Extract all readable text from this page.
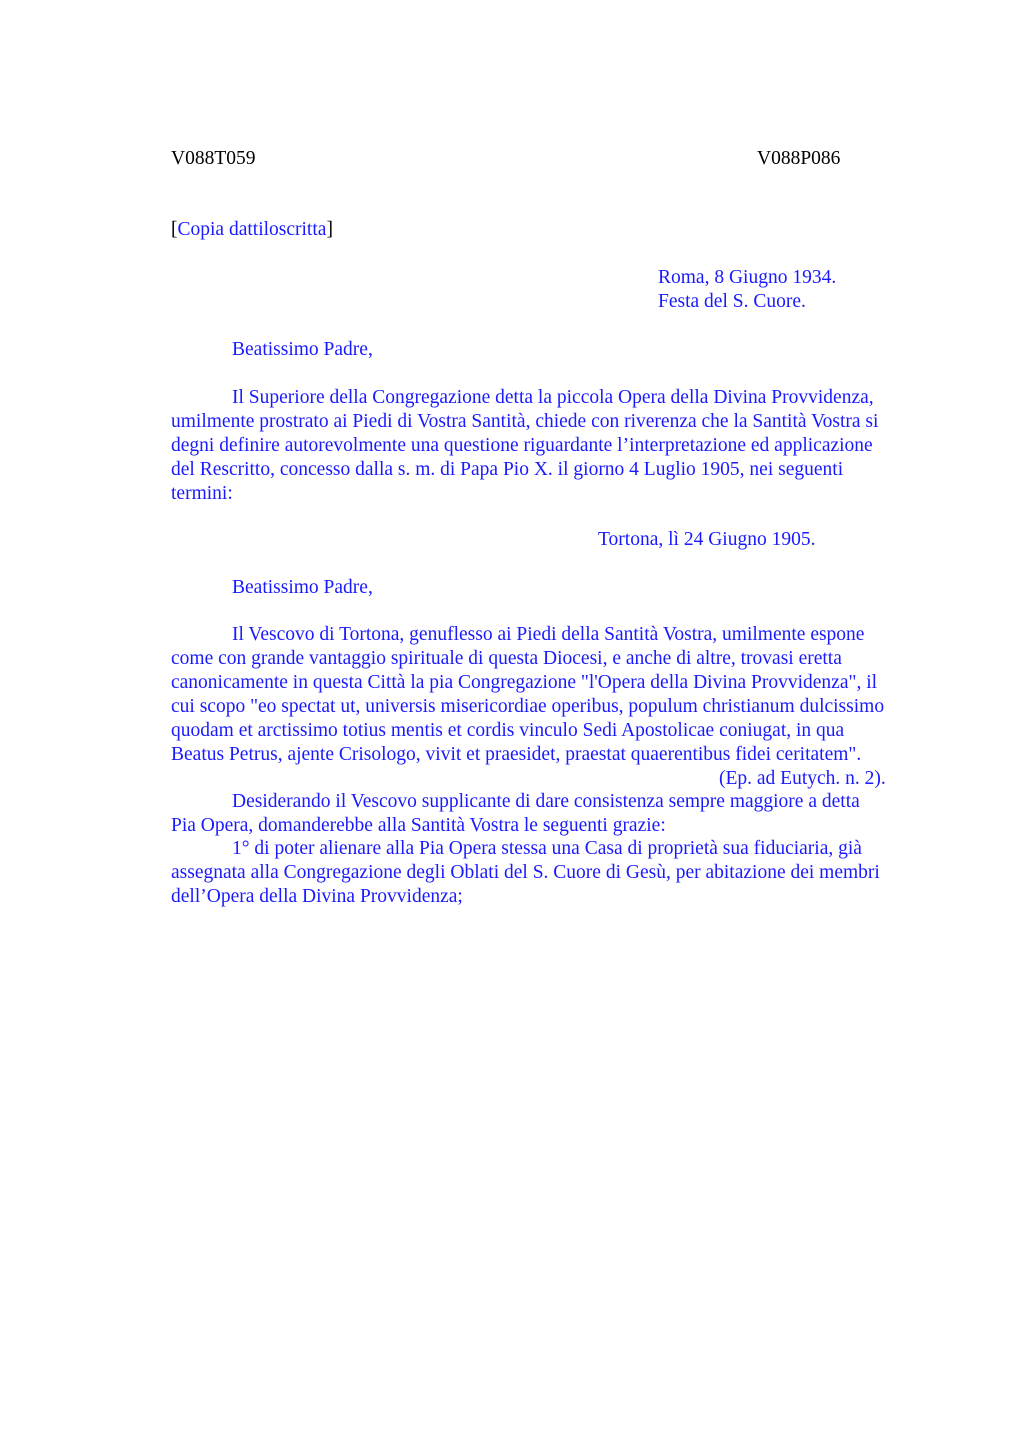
V088T059	V088P086
[Copia dattiloscritta]
Roma, 8 Giugno 1934.
Festa del S. Cuore.
Beatissimo Padre,
Il Superiore della Congregazione detta la piccola Opera della Divina Provvidenza,
umilmente prostrato ai Piedi di Vostra Santità, chiede con riverenza che la Santità Vostra si
degni definire autorevolmente una questione riguardante l’interpretazione ed applicazione
del Rescritto, concesso dalla s. m. di Papa Pio X. il giorno 4 Luglio 1905, nei seguenti
termini:
Tortona, lì 24 Giugno 1905.
Beatissimo Padre,
Il Vescovo di Tortona, genuflesso ai Piedi della Santità Vostra, umilmente espone
come con grande vantaggio spirituale di questa Diocesi, e anche di altre, trovasi eretta
canonicamente in questa Città la pia Congregazione "l'Opera della Divina Provvidenza", il
cui scopo "eo spectat ut, universis misericordiae operibus, populum christianum dulcissimo
quodam et arctissimo totius mentis et cordis vinculo Sedi Apostolicae coniugat, in qua
Beatus Petrus, ajente Crisologo, vivit et praesidet, praestat quaerentibus fidei ceritatem".
(Ep. ad Eutych. n. 2).
Desiderando il Vescovo supplicante di dare consistenza sempre maggiore a detta
Pia Opera, domanderebbe alla Santità Vostra le seguenti grazie:
1° di poter alienare alla Pia Opera stessa una Casa di proprietà sua fiduciaria, già
assegnata alla Congregazione degli Oblati del S. Cuore di Gesù, per abitazione dei membri
dell’Opera della Divina Provvidenza;
